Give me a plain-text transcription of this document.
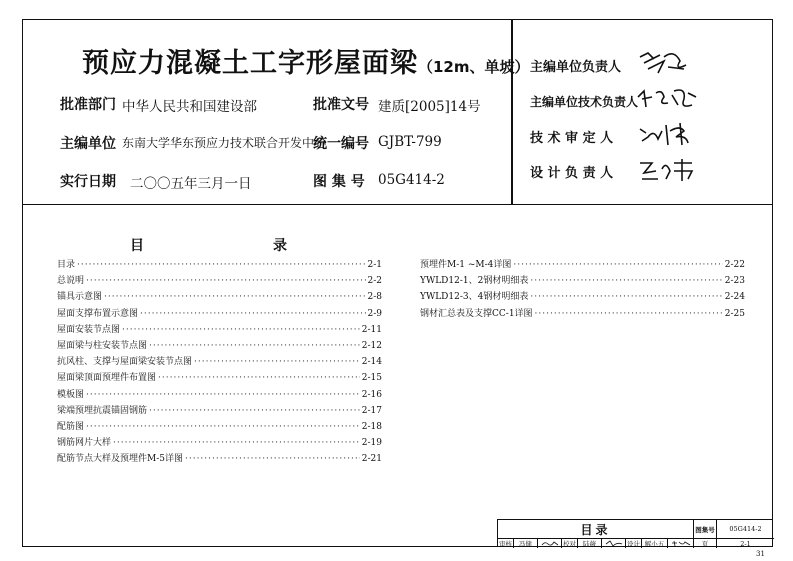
预应力混凝土工字形屋面梁（12m、单坡）
批准部门 中华人民共和国建设部	批准文号 建质[2005]14号
主编单位 东南大学华东预应力技术联合开发中心
统一编号 GJBT-799
实行日期 二〇〇五年三月一日	图 集 号 05G414-2
主编单位负责人
主编单位技术负责人
技 术 审 定 人
设 计 负 责 人
目	录
目录 ·····	2-1
总说明 ·····	2-2
锚具示意图 ·····	2-8
屋面支撑布置示意图 ·····	2-9
屋面安装节点图 ·····	2-11
屋面梁与柱安装节点图 ·····	2-12
抗风柱、支撑与屋面梁安装节点图 ·····	2-14
屋面梁顶面预埋件布置图 ·····	2-15
模板图 ·····	2-16
梁端预埋抗震锚固钢筋 ·····	2-17
配筋图 ·····	2-18
钢筋网片大样 ·····	2-19
配筋节点大样及预埋件M-5详图 ·····	2-21
预埋件M-1 ~M-4详图 ·····	2-22
YWLD12-1、2钢材明细表 ·····	2-23
YWLD12-3、4钢材明细表 ·····	2-24
钢材汇总表及支撑CC-1详图 ·····	2-25
目录	图集号	05G414-2
审核	冯健	校对	陆薇	设计 解小五	页	2-1
31
